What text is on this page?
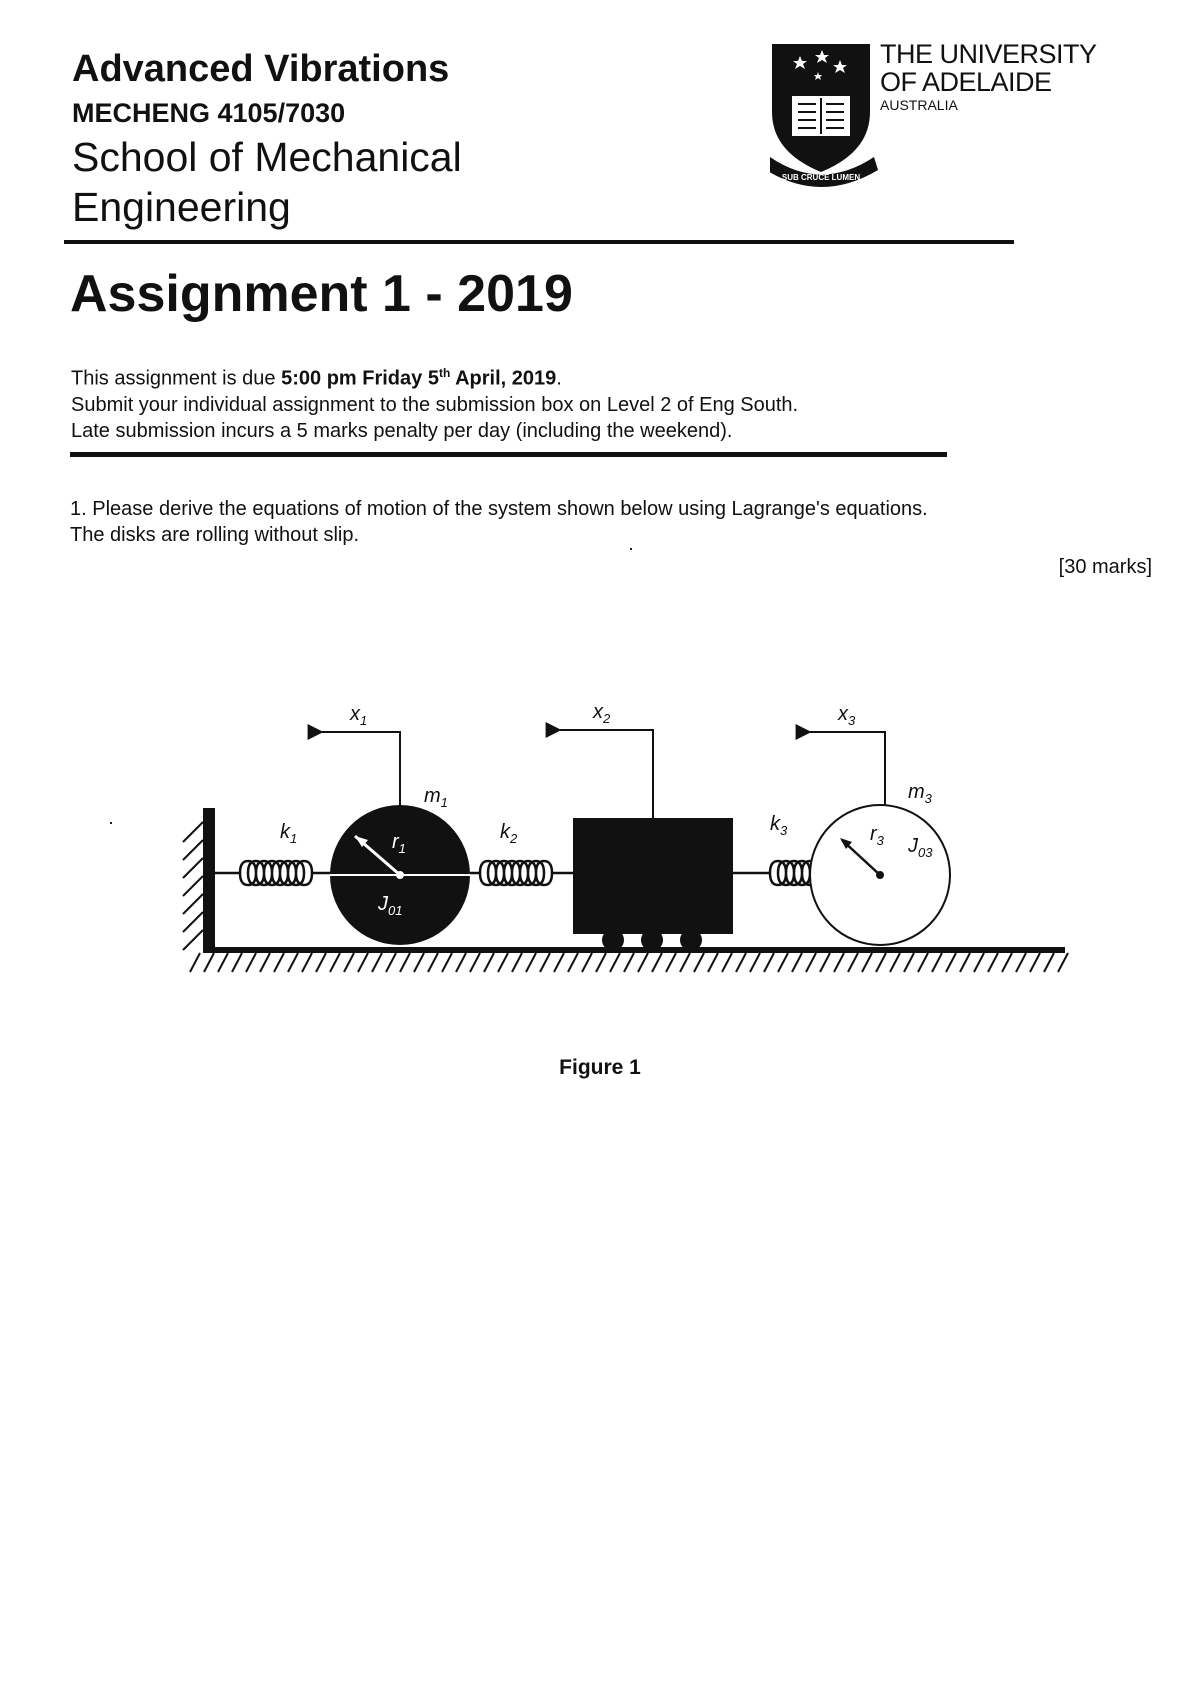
Advanced Vibrations
MECHENG 4105/7030
School of Mechanical Engineering
SUB CRUCE LUMEN
THE UNIVERSITY
OF ADELAIDE
AUSTRALIA
Assignment 1 - 2019
This assignment is due 5:00 pm Friday 5th April, 2019.
Submit your individual assignment to the submission box on Level 2 of Eng South.
Late submission incurs a 5 marks penalty per day (including the weekend).
1. Please derive the equations of motion of the system shown below using Lagrange's equations.
The disks are rolling without slip.
[30 marks]
$x_1$	$x_2$	$x_3$
$m_1$	$m_3$
$k_1$	$k_2$
$k_3$
$r_1$
$r_3$
$J_{01}$
$J_{03}$
Figure 1
